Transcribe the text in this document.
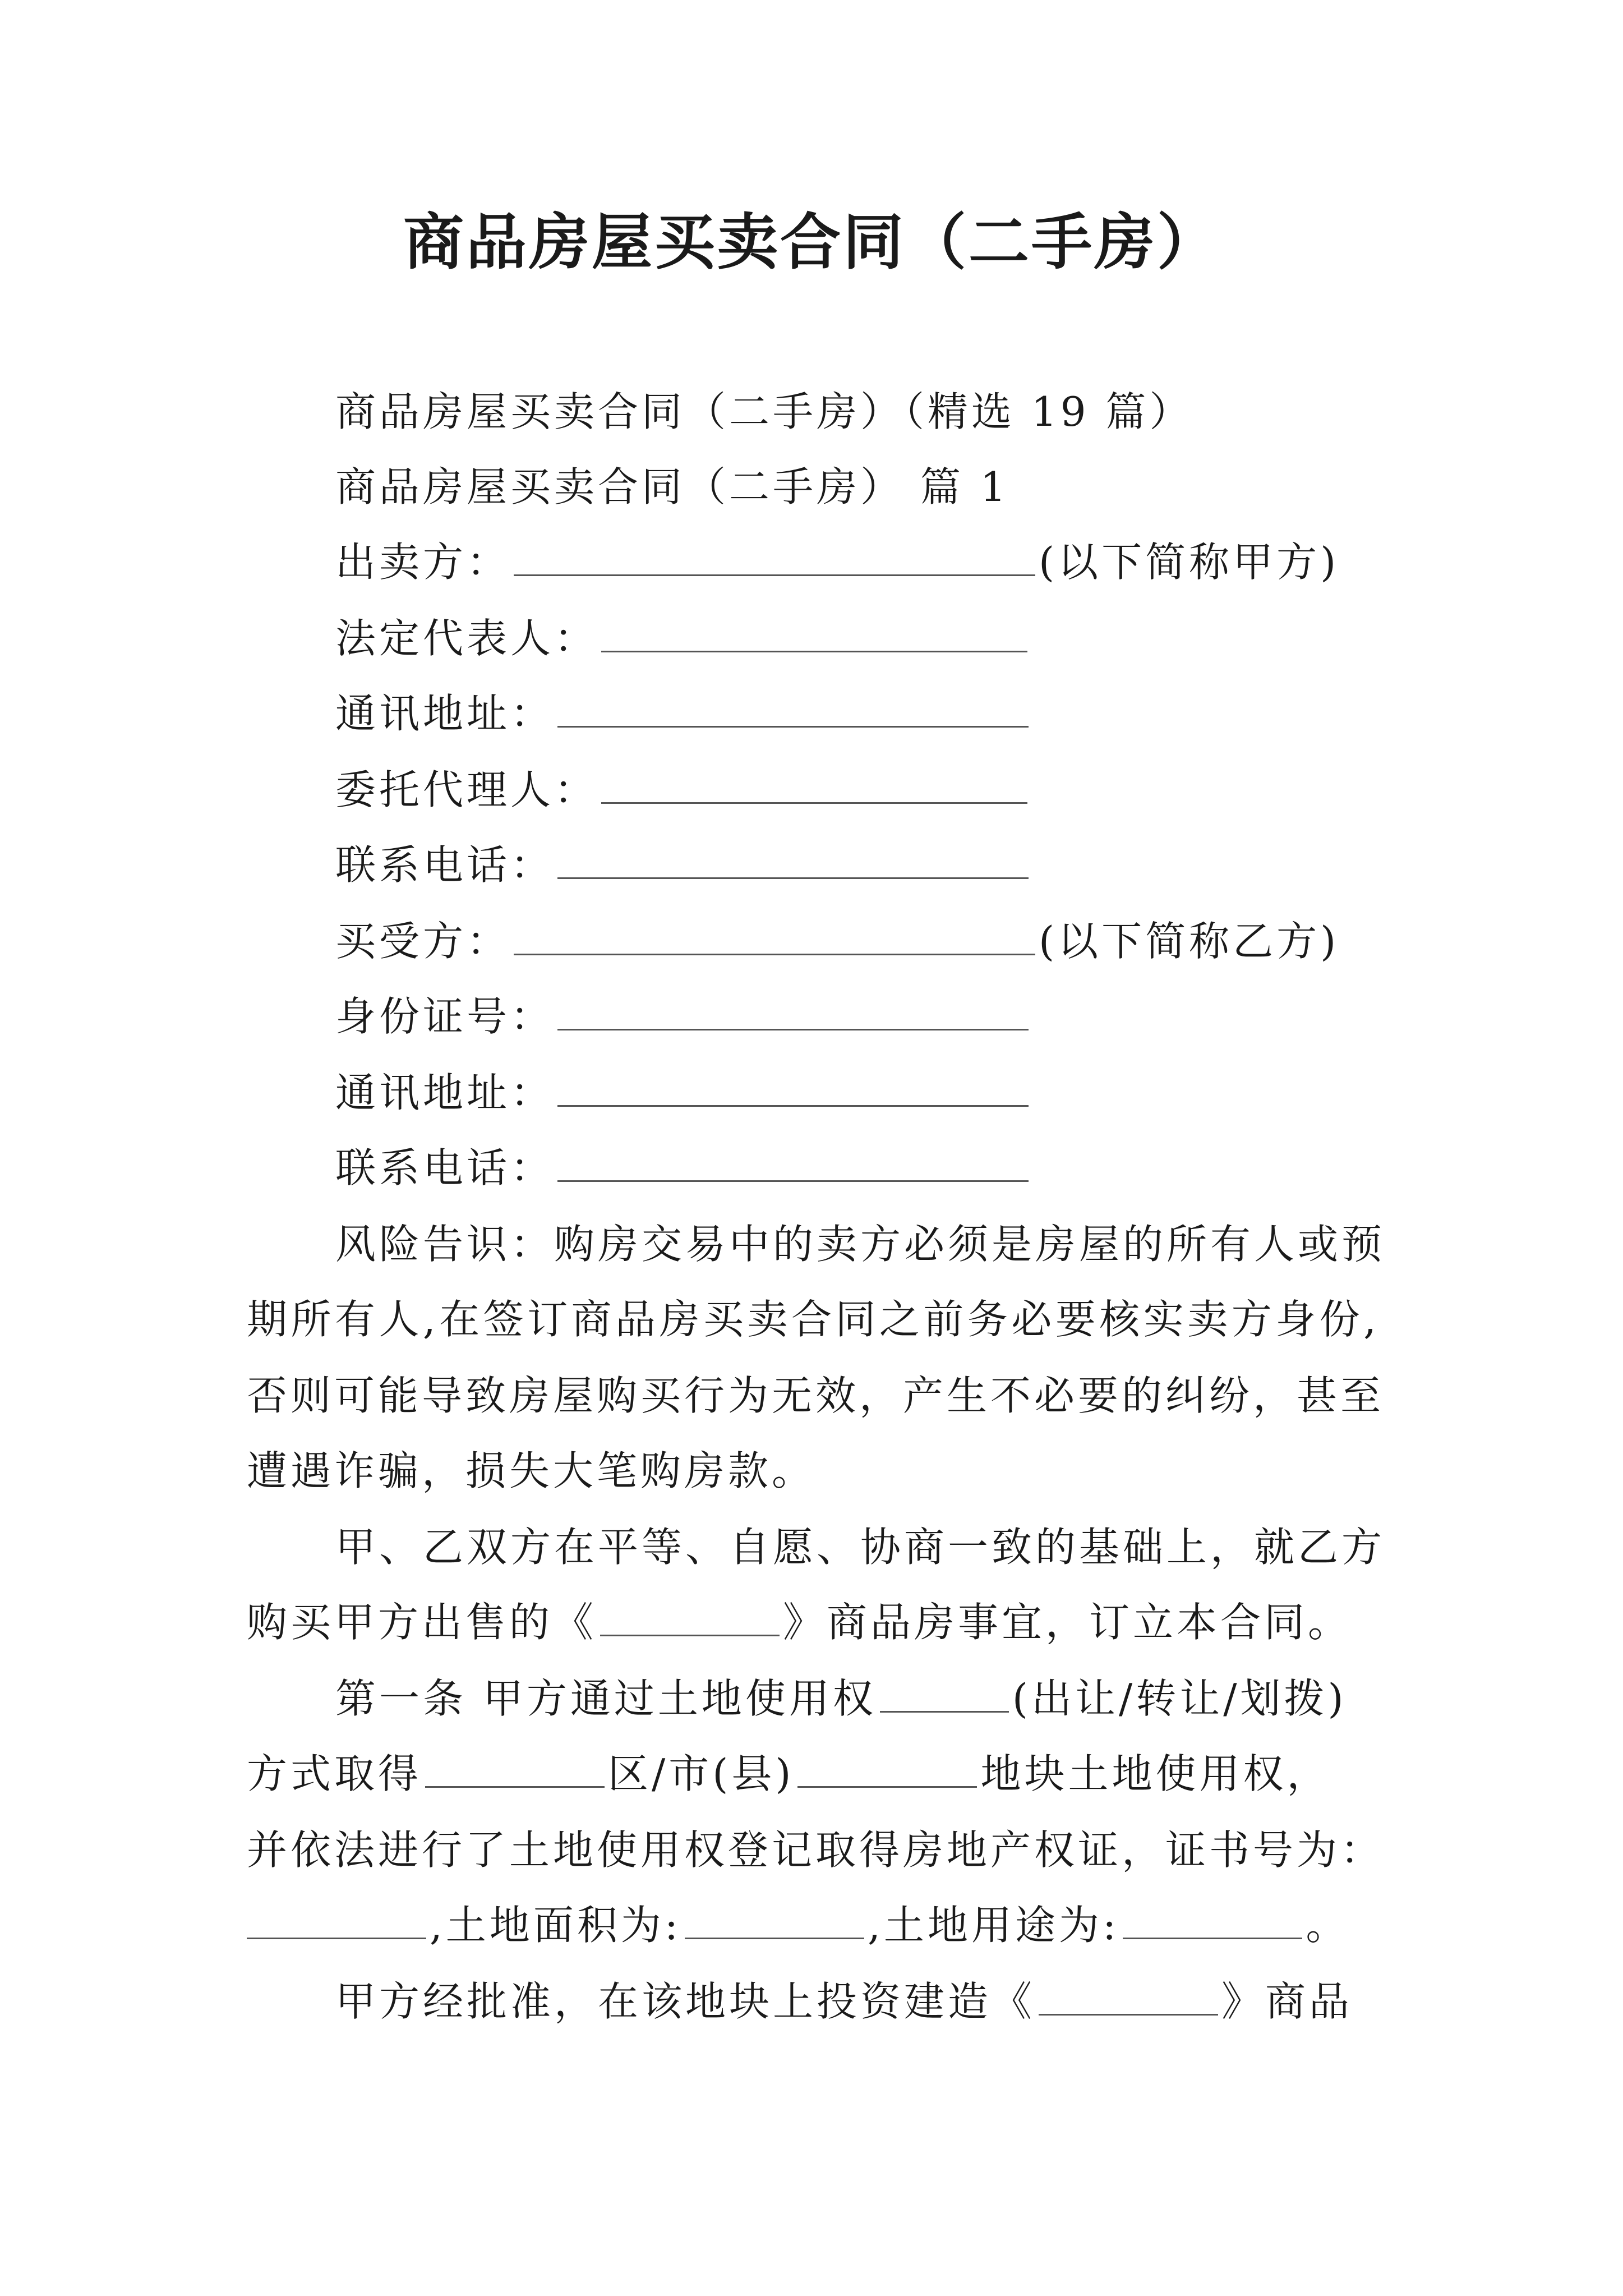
商品房屋买卖合同（二手房）
商品房屋买卖合同（二手房）（精选 19 篇）
商品房屋买卖合同（二手房） 篇 1
出卖方：	(以下简称甲方)
法定代表人：
通讯地址：
委托代理人：
联系电话：
买受方：	(以下简称乙方)
身份证号：
通讯地址：
联系电话：
风险告识：购房交易中的卖方必须是房屋的所有人或预
期所有人,在签订商品房买卖合同之前务必要核实卖方身份,
否则可能导致房屋购买行为无效，产生不必要的纠纷，甚至
遭遇诈骗，损失大笔购房款。
甲、乙双方在平等、自愿、协商一致的基础上，就乙方
购买甲方出售的《	》商品房事宜，订立本合同。
第一条 甲方通过土地使用权	(出让/转让/划拨)
方式取得	区/市(县)	地块土地使用权，
并依法进行了土地使用权登记取得房地产权证，证书号为：
,土地面积为:	,土地用途为:	。
甲方经批准，在该地块上投资建造《	》商品
